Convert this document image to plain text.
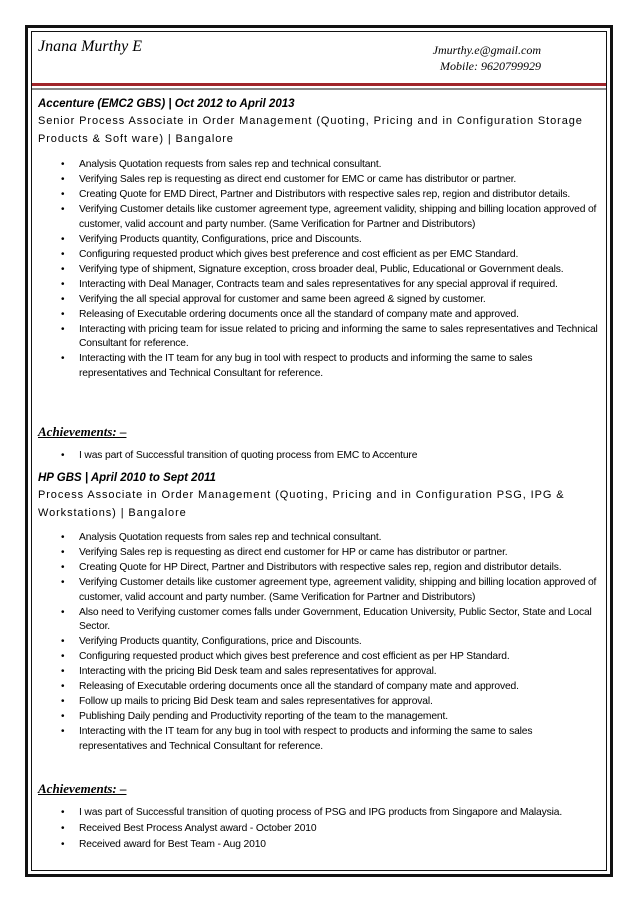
Jnana Murthy E	Jmurthy.e@gmail.com
Mobile: 9620799929
Accenture (EMC2 GBS) | Oct 2012 to April 2013
Senior Process Associate in Order Management (Quoting, Pricing and in Configuration Storage Products & Soft ware) | Bangalore
• Analysis Quotation requests from sales rep and technical consultant.
• Verifying Sales rep is requesting as direct end customer for EMC or came has distributor or partner.
• Creating Quote for EMD Direct, Partner and Distributors with respective sales rep, region and distributor details.
• Verifying Customer details like customer agreement type, agreement validity, shipping and billing location approved of customer, valid account and party number. (Same Verification for Partner and Distributors)
• Verifying Products quantity, Configurations, price and Discounts.
• Configuring requested product which gives best preference and cost efficient as per EMC Standard.
• Verifying type of shipment, Signature exception, cross broader deal, Public, Educational or Government deals.
• Interacting with Deal Manager, Contracts team and sales representatives for any special approval if required.
• Verifying the all special approval for customer and same been agreed & signed by customer.
• Releasing of Executable ordering documents once all the standard of company mate and approved.
• Interacting with pricing team for issue related to pricing and informing the same to sales representatives and Technical Consultant for reference.
• Interacting with the IT team for any bug in tool with respect to products and informing the same to sales representatives and Technical Consultant for reference.
Achievements: –
• I was part of Successful transition of quoting process from EMC to Accenture
HP GBS | April 2010 to Sept 2011
Process Associate in Order Management (Quoting, Pricing and in Configuration PSG, IPG & Workstations) | Bangalore
• Analysis Quotation requests from sales rep and technical consultant.
• Verifying Sales rep is requesting as direct end customer for HP or came has distributor or partner.
• Creating Quote for HP Direct, Partner and Distributors with respective sales rep, region and distributor details.
• Verifying Customer details like customer agreement type, agreement validity, shipping and billing location approved of customer, valid account and party number. (Same Verification for Partner and Distributors)
• Also need to Verifying customer comes falls under Government, Education University, Public Sector, State and Local Sector.
• Verifying Products quantity, Configurations, price and Discounts.
• Configuring requested product which gives best preference and cost efficient as per HP Standard.
• Interacting with the pricing Bid Desk team and sales representatives for approval.
• Releasing of Executable ordering documents once all the standard of company mate and approved.
• Follow up mails to pricing Bid Desk team and sales representatives for approval.
• Publishing Daily pending and Productivity reporting of the team to the management.
• Interacting with the IT team for any bug in tool with respect to products and informing the same to sales representatives and Technical Consultant for reference.
Achievements: –
• I was part of Successful transition of quoting process of PSG and IPG products from Singapore and Malaysia.
• Received Best Process Analyst award - October 2010
• Received award for Best Team - Aug 2010
